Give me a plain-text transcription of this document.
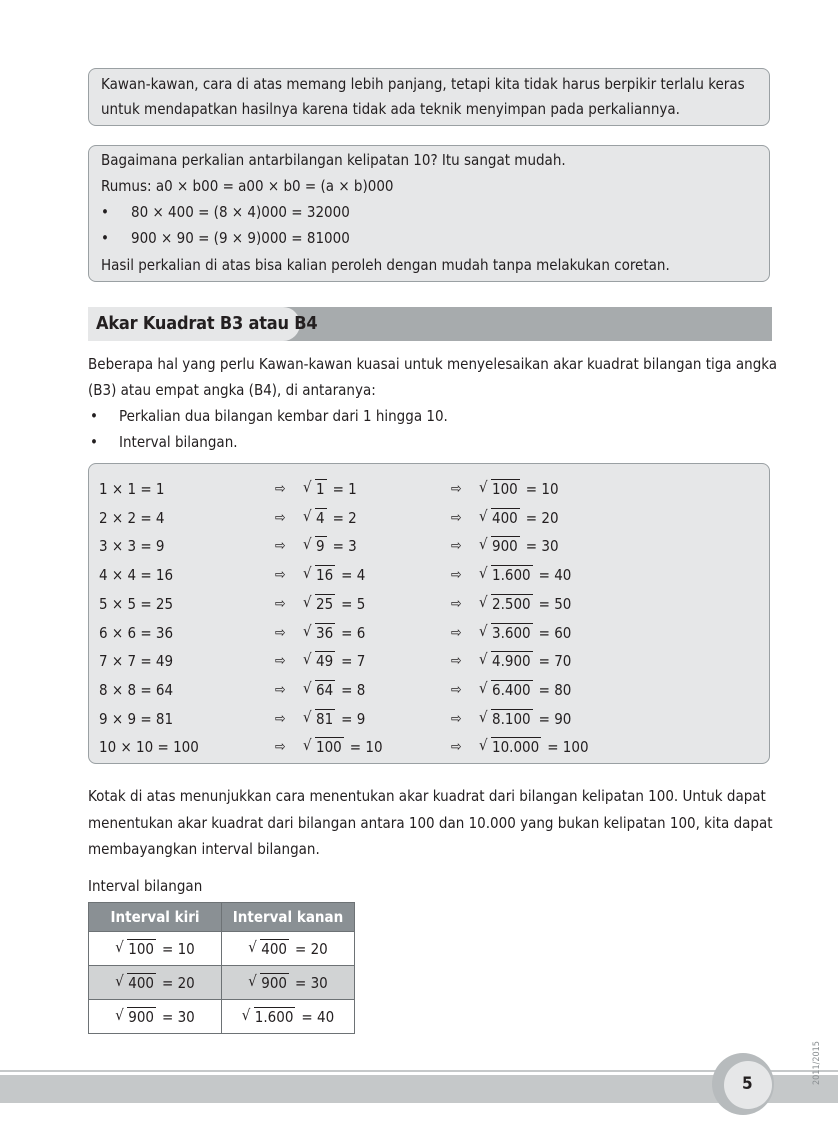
Kawan-kawan, cara di atas memang lebih panjang, tetapi kita tidak harus berpikir terlalu keras
untuk mendapatkan hasilnya karena tidak ada teknik menyimpan pada perkaliannya.
Bagaimana perkalian antarbilangan kelipatan 10? Itu sangat mudah.
Rumus: a0 × b00 = a00 × b0 = (a × b)000
• 80 × 400 = (8 × 4)000 = 32000
• 900 × 90 = (9 × 9)000 = 81000
Hasil perkalian di atas bisa kalian peroleh dengan mudah tanpa melakukan coretan.
Akar Kuadrat B3 atau B4
Beberapa hal yang perlu Kawan-kawan kuasai untuk menyelesaikan akar kuadrat bilangan tiga angka
(B3) atau empat angka (B4), di antaranya:
• Perkalian dua bilangan kembar dari 1 hingga 10.
• Interval bilangan.
1 × 1 = 1	⇨ √ 1 = 1	⇨ √ 100 = 10
2 × 2 = 4	⇨ √ 4 = 2	⇨ √ 400 = 20
3 × 3 = 9	⇨ √ 9 = 3	⇨ √ 900 = 30
4 × 4 = 16	⇨ √ 16 = 4	⇨ √ 1.600 = 40
5 × 5 = 25	⇨ √ 25 = 5	⇨ √ 2.500 = 50
6 × 6 = 36	⇨ √ 36 = 6	⇨ √ 3.600 = 60
7 × 7 = 49	⇨ √ 49 = 7	⇨ √ 4.900 = 70
8 × 8 = 64	⇨ √ 64 = 8	⇨ √ 6.400 = 80
9 × 9 = 81	⇨ √ 81 = 9	⇨ √ 8.100 = 90
10 × 10 = 100	⇨ √ 100 = 10	⇨ √ 10.000 = 100
Kotak di atas menunjukkan cara menentukan akar kuadrat dari bilangan kelipatan 100. Untuk dapat
menentukan akar kuadrat dari bilangan antara 100 dan 10.000 yang bukan kelipatan 100, kita dapat
membayangkan interval bilangan.
Interval bilangan
Interval kiri	Interval kanan

√ 100 = 10	√ 400 = 20

√ 400 = 20	√ 900 = 30

√ 900 = 30	√ 1.600 = 40
5	2011/2015
